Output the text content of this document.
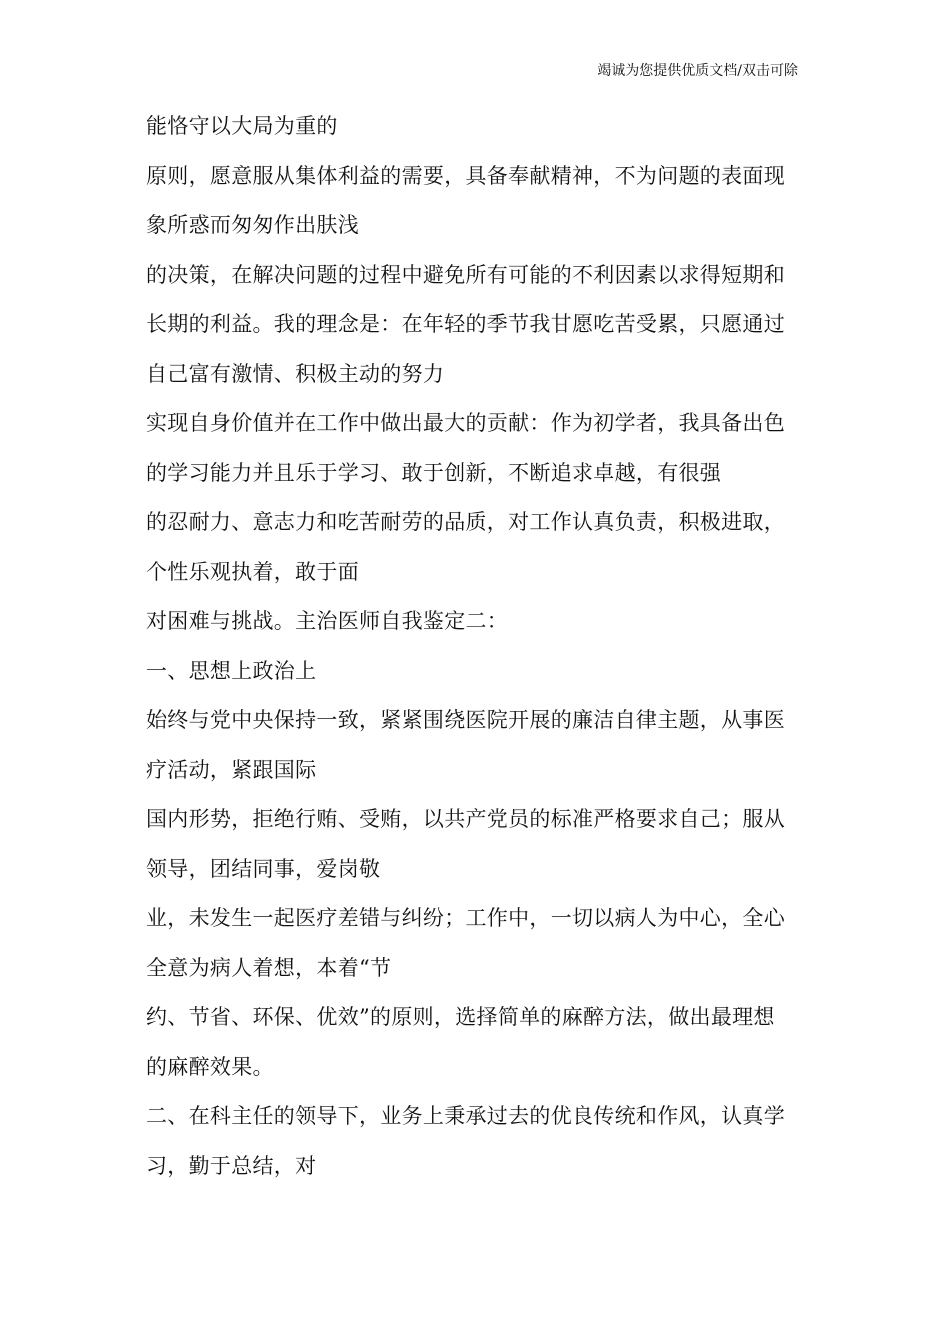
竭诚为您提供优质文档/双击可除
能恪守以大局为重的
原则，愿意服从集体利益的需要，具备奉献精神，不为问题的表面现
象所惑而匆匆作出肤浅
的决策，在解决问题的过程中避免所有可能的不利因素以求得短期和
长期的利益。我的理念是：在年轻的季节我甘愿吃苦受累，只愿通过
自己富有激情、积极主动的努力
实现自身价值并在工作中做出最大的贡献：作为初学者，我具备出色
的学习能力并且乐于学习、敢于创新，不断追求卓越，有很强
的忍耐力、意志力和吃苦耐劳的品质，对工作认真负责，积极进取，
个性乐观执着，敢于面
对困难与挑战。主治医师自我鉴定二：
一、思想上政治上
始终与党中央保持一致，紧紧围绕医院开展的廉洁自律主题，从事医
疗活动，紧跟国际
国内形势，拒绝行贿、受贿，以共产党员的标准严格要求自己；服从
领导，团结同事，爱岗敬
业，未发生一起医疗差错与纠纷；工作中，一切以病人为中心，全心
全意为病人着想，本着“节
约、节省、环保、优效”的原则，选择简单的麻醉方法，做出最理想
的麻醉效果。
二、在科主任的领导下，业务上秉承过去的优良传统和作风，认真学
习，勤于总结，对
